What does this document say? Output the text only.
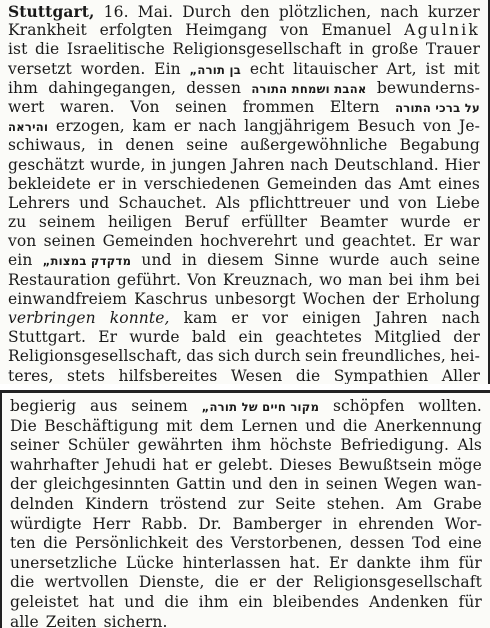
Stuttgart, 16. Mai. Durch den plötzlichen, nach kurzer
Krankheit erfolgten Heimgang von Emanuel Agulnik
ist die Israelitische Religionsgesellschaft in große Trauer
versetzt worden. Ein „בן תורה echt litauischer Art, ist mit
ihm dahingegangen, dessen אהבת ושמחת התורה bewunderns-
wert waren. Von seinen frommen Eltern על ברכי התורה
והיראה erzogen, kam er nach langjährigem Besuch von Je-
schiwaus, in denen seine außergewöhnliche Begabung
geschätzt wurde, in jungen Jahren nach Deutschland. Hier
bekleidete er in verschiedenen Gemeinden das Amt eines
Lehrers und Schauchet. Als pflichttreuer und von Liebe
zu seinem heiligen Beruf erfüllter Beamter wurde er
von seinen Gemeinden hochverehrt und geachtet. Er war
ein „מדקדק במצות und in diesem Sinne wurde auch seine
Restauration geführt. Von Kreuznach, wo man bei ihm bei
einwandfreiem Kaschrus unbesorgt Wochen der Erholung
verbringen konnte, kam er vor einigen Jahren nach
Stuttgart. Er wurde bald ein geachtetes Mitglied der
Religionsgesellschaft, das sich durch sein freundliches, hei-
teres, stets hilfsbereites Wesen die Sympathien Aller
begierig aus seinem „מקור חיים של תורה schöpfen wollten.
Die Beschäftigung mit dem Lernen und die Anerkennung
seiner Schüler gewährten ihm höchste Befriedigung. Als
wahrhafter Jehudi hat er gelebt. Dieses Bewußtsein möge
der gleichgesinnten Gattin und den in seinen Wegen wan-
delnden Kindern tröstend zur Seite stehen. Am Grabe
würdigte Herr Rabb. Dr. Bamberger in ehrenden Wor-
ten die Persönlichkeit des Verstorbenen, dessen Tod eine
unersetzliche Lücke hinterlassen hat. Er dankte ihm für
die wertvollen Dienste, die er der Religionsgesellschaft
geleistet hat und die ihm ein bleibendes Andenken für
alle Zeiten sichern.
